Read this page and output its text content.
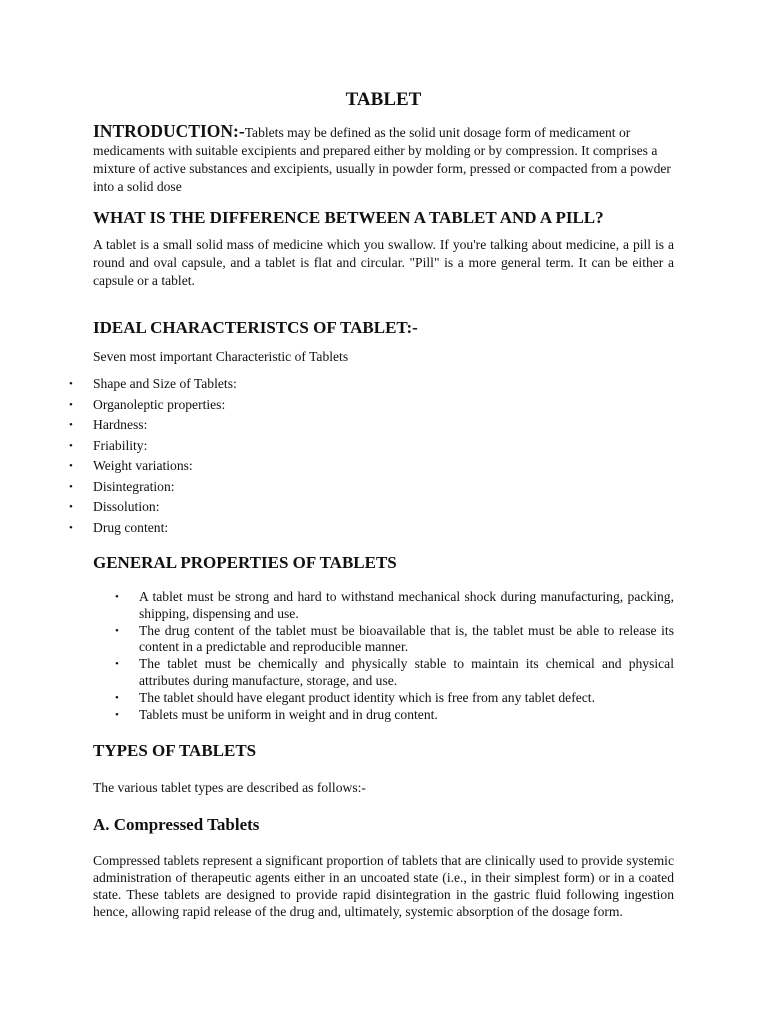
TABLET

INTRODUCTION:-Tablets may be defined as the solid unit dosage form of medicament or medicaments with suitable excipients and prepared either by molding or by compression. It comprises a mixture of active substances and excipients, usually in powder form, pressed or compacted from a powder into a solid dose

WHAT IS THE DIFFERENCE BETWEEN A TABLET AND A PILL?

A tablet is a small solid mass of medicine which you swallow. If you're talking about medicine, a pill is a round and oval capsule, and a tablet is flat and circular. "Pill" is a more general term. It can be either a capsule or a tablet.

IDEAL CHARACTERISTCS OF TABLET:-

Seven most important Characteristic of Tablets

• Shape and Size of Tablets:
• Organoleptic properties:
• Hardness:
• Friability:
• Weight variations:
• Disintegration:
• Dissolution:
• Drug content:
GENERAL PROPERTIES OF TABLETS
• A tablet must be strong and hard to withstand mechanical shock during manufacturing, packing, shipping, dispensing and use.
• The drug content of the tablet must be bioavailable that is, the tablet must be able to release its content in a predictable and reproducible manner.
• The tablet must be chemically and physically stable to maintain its chemical and physical attributes during manufacture, storage, and use.
• The tablet should have elegant product identity which is free from any tablet defect.
• Tablets must be uniform in weight and in drug content.
TYPES OF TABLETS

The various tablet types are described as follows:-

A. Compressed Tablets

Compressed tablets represent a significant proportion of tablets that are clinically used to provide systemic administration of therapeutic agents either in an uncoated state (i.e., in their simplest form) or in a coated state. These tablets are designed to provide rapid disintegration in the gastric fluid following ingestion hence, allowing rapid release of the drug and, ultimately, systemic absorption of the dosage form.
